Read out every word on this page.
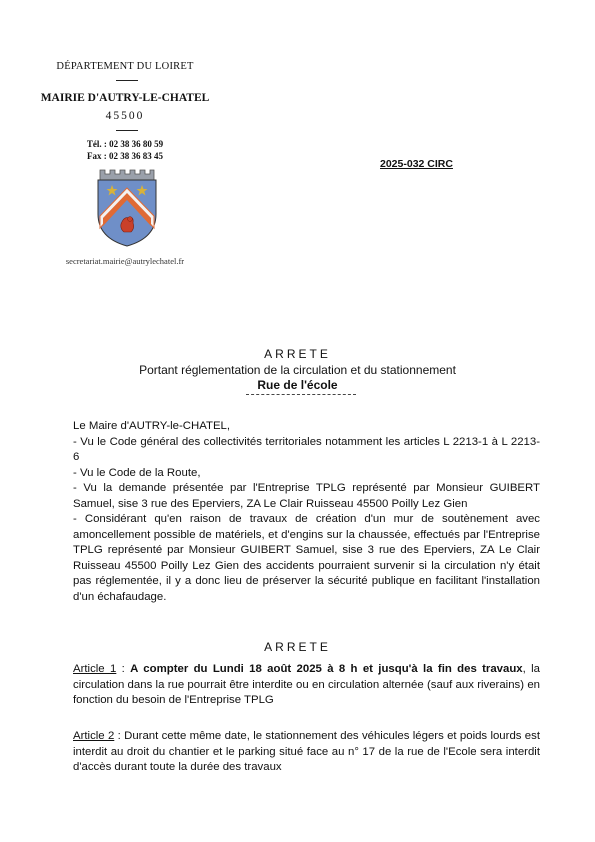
DÉPARTEMENT DU LOIRET
MAIRIE D'AUTRY-LE-CHATEL
45500
Tél. : 02 38 36 80 59
Fax : 02 38 36 83 45
secretariat.mairie@autrylechatel.fr
2025-032 CIRC
ARRETE
Portant réglementation de la circulation et du stationnement
Rue de l'école

Le Maire d'AUTRY-le-CHATEL,

- Vu le Code général des collectivités territoriales notamment les articles L 2213-1 à L 2213-6

- Vu le Code de la Route,

- Vu la demande présentée par l'Entreprise TPLG représenté par Monsieur GUIBERT Samuel, sise 3 rue des Eperviers, ZA Le Clair Ruisseau 45500 Poilly Lez Gien

- Considérant qu'en raison de travaux de création d'un mur de soutènement avec amoncellement possible de matériels, et d'engins sur la chaussée, effectués par l'Entreprise TPLG représenté par Monsieur GUIBERT Samuel, sise 3 rue des Eperviers, ZA Le Clair Ruisseau 45500 Poilly Lez Gien des accidents pourraient survenir si la circulation n'y était pas réglementée, il y a donc lieu de préserver la sécurité publique en facilitant l'installation d'un échafaudage.

ARRETE

Article 1 : A compter du Lundi 18 août 2025 à 8 h et jusqu'à la fin des travaux, la circulation dans la rue pourrait être interdite ou en circulation alternée (sauf aux riverains) en fonction du besoin de l'Entreprise TPLG

Article 2 : Durant cette même date, le stationnement des véhicules légers et poids lourds est interdit au droit du chantier et le parking situé face au n° 17 de la rue de l'Ecole sera interdit d'accès durant toute la durée des travaux
